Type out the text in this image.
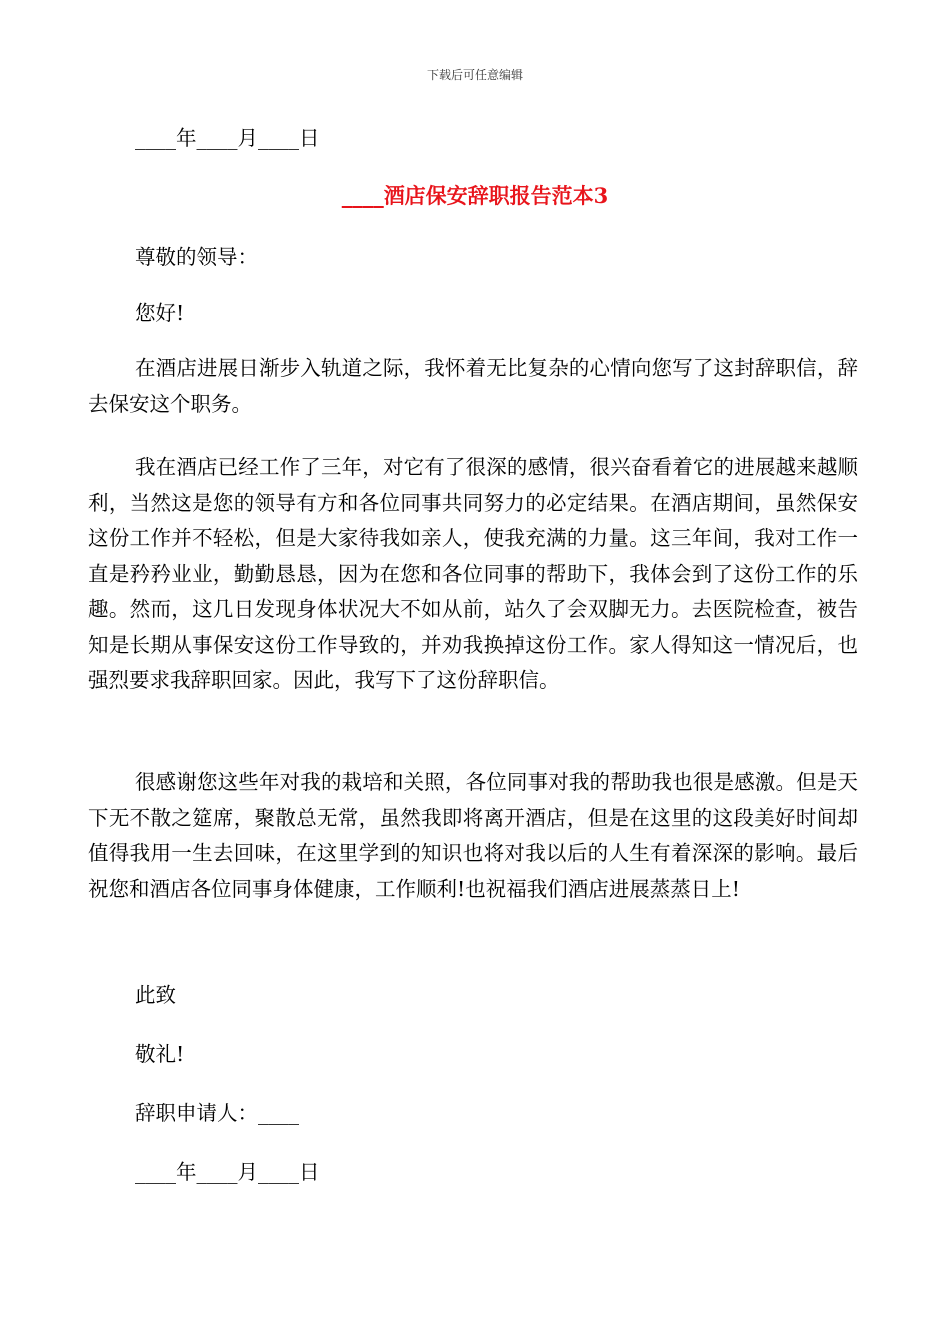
下载后可任意编辑
____年____月____日
____酒店保安辞职报告范本3
尊敬的领导：
您好!
在酒店进展日渐步入轨道之际，我怀着无比复杂的心情向您写了这封辞职信，辞去保安这个职务。
我在酒店已经工作了三年，对它有了很深的感情，很兴奋看着它的进展越来越顺利，当然这是您的领导有方和各位同事共同努力的必定结果。在酒店期间，虽然保安这份工作并不轻松，但是大家待我如亲人，使我充满的力量。这三年间，我对工作一直是矜矜业业，勤勤恳恳，因为在您和各位同事的帮助下，我体会到了这份工作的乐趣。然而，这几日发现身体状况大不如从前，站久了会双脚无力。去医院检查，被告知是长期从事保安这份工作导致的，并劝我换掉这份工作。家人得知这一情况后，也强烈要求我辞职回家。因此，我写下了这份辞职信。
很感谢您这些年对我的栽培和关照，各位同事对我的帮助我也很是感激。但是天下无不散之筵席，聚散总无常，虽然我即将离开酒店，但是在这里的这段美好时间却值得我用一生去回味，在这里学到的知识也将对我以后的人生有着深深的影响。最后祝您和酒店各位同事身体健康，工作顺利!也祝福我们酒店进展蒸蒸日上!
此致
敬礼!
辞职申请人：____
____年____月____日
